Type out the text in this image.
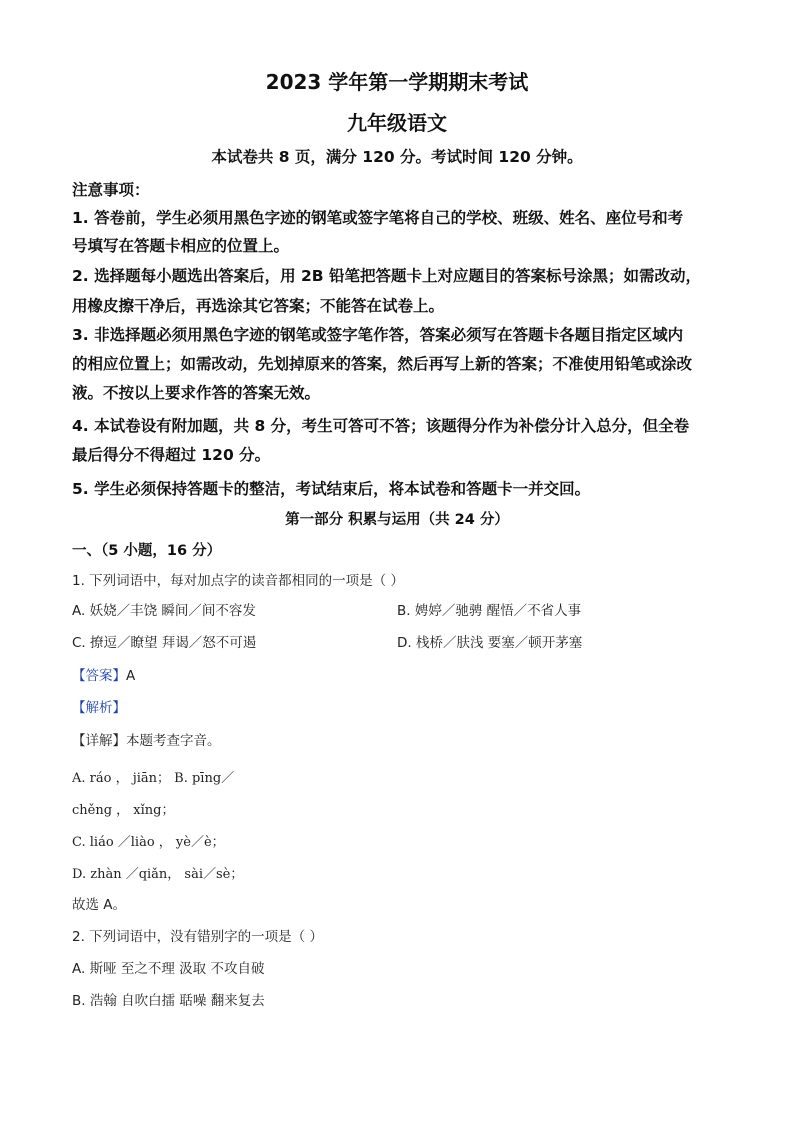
2023 学年第一学期期末考试
九年级语文
本试卷共 8 页，满分 120 分。考试时间 120 分钟。
注意事项：
1. 答卷前，学生必须用黑色字迹的钢笔或签字笔将自己的学校、班级、姓名、座位号和考
号填写在答题卡相应的位置上。
2. 选择题每小题选出答案后，用 2B 铅笔把答题卡上对应题目的答案标号涂黑；如需改动，
用橡皮擦干净后，再选涂其它答案；不能答在试卷上。
3. 非选择题必须用黑色字迹的钢笔或签字笔作答，答案必须写在答题卡各题目指定区域内
的相应位置上；如需改动，先划掉原来的答案，然后再写上新的答案；不准使用铅笔或涂改
液。不按以上要求作答的答案无效。
4. 本试卷设有附加题，共 8 分，考生可答可不答；该题得分作为补偿分计入总分，但全卷
最后得分不得超过 120 分。
5. 学生必须保持答题卡的整洁，考试结束后，将本试卷和答题卡一并交回。
第一部分 积累与运用（共 24 分）
一、（5 小题，16 分）
1. 下列词语中，每对加点字的读音都相同的一项是（ ）
A. 妖娆／丰饶 瞬间／间不容发	B. 娉婷／驰骋 醒悟／不省人事
C. 撩逗／瞭望 拜谒／怒不可遏	D. 栈桥／肤浅 要塞／顿开茅塞
【答案】A
【解析】
【详解】本题考查字音。
A. ráo ， jiān； B. pīng／
chěng ， xǐng；
C. liáo ／liào ， yè／è；
D. zhàn ／qiǎn， sài／sè；
故选 A。
2. 下列词语中，没有错别字的一项是（ ）
A. 斯哑 至之不理 汲取 不攻自破
B. 浩翰 自吹白擂 聒噪 翻来复去
